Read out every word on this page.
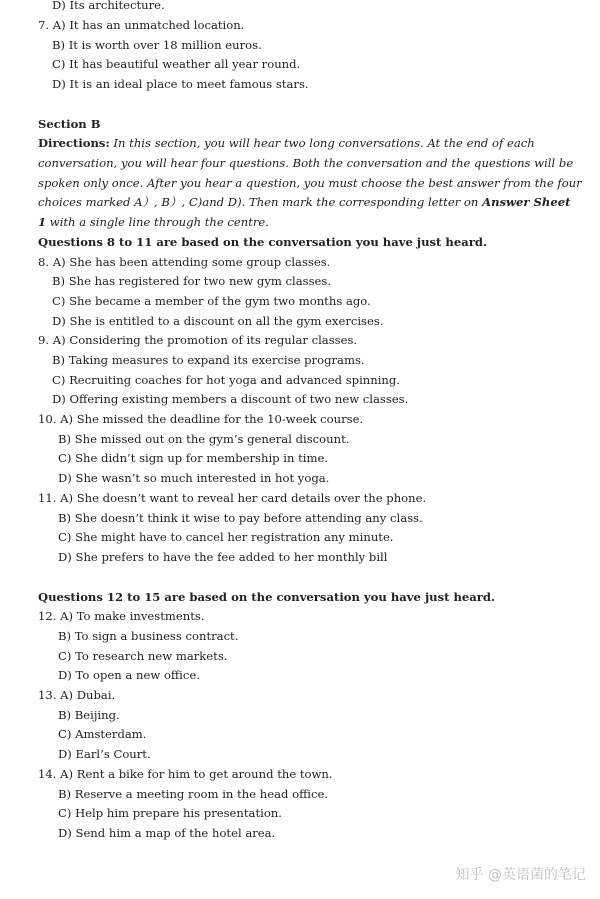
D) Its architecture.
7. A) It has an unmatched location.
B) It is worth over 18 million euros.
C) It has beautiful weather all year round.
D) It is an ideal place to meet famous stars.
Section B
Directions: In this section, you will hear two long conversations. At the end of each
conversation, you will hear four questions. Both the conversation and the questions will be
spoken only once. After you hear a question, you must choose the best answer from the four
choices marked A）, B）, C)and D). Then mark the corresponding letter on Answer Sheet
1 with a single line through the centre.
Questions 8 to 11 are based on the conversation you have just heard.
8. A) She has been attending some group classes.
B) She has registered for two new gym classes.
C) She became a member of the gym two months ago.
D) She is entitled to a discount on all the gym exercises.
9. A) Considering the promotion of its regular classes.
B) Taking measures to expand its exercise programs.
C) Recruiting coaches for hot yoga and advanced spinning.
D) Offering existing members a discount of two new classes.
10. A) She missed the deadline for the 10-week course.
B) She missed out on the gym’s general discount.
C) She didn’t sign up for membership in time.
D) She wasn’t so much interested in hot yoga.
11. A) She doesn’t want to reveal her card details over the phone.
B) She doesn’t think it wise to pay before attending any class.
C) She might have to cancel her registration any minute.
D) She prefers to have the fee added to her monthly bill
Questions 12 to 15 are based on the conversation you have just heard.
12. A) To make investments.
B) To sign a business contract.
C) To research new markets.
D) To open a new office.
13. A) Dubai.
B) Beijing.
C) Amsterdam.
D) Earl’s Court.
14. A) Rent a bike for him to get around the town.
B) Reserve a meeting room in the head office.
C) Help him prepare his presentation.
D) Send him a map of the hotel area.
知乎 @英语菌的笔记
